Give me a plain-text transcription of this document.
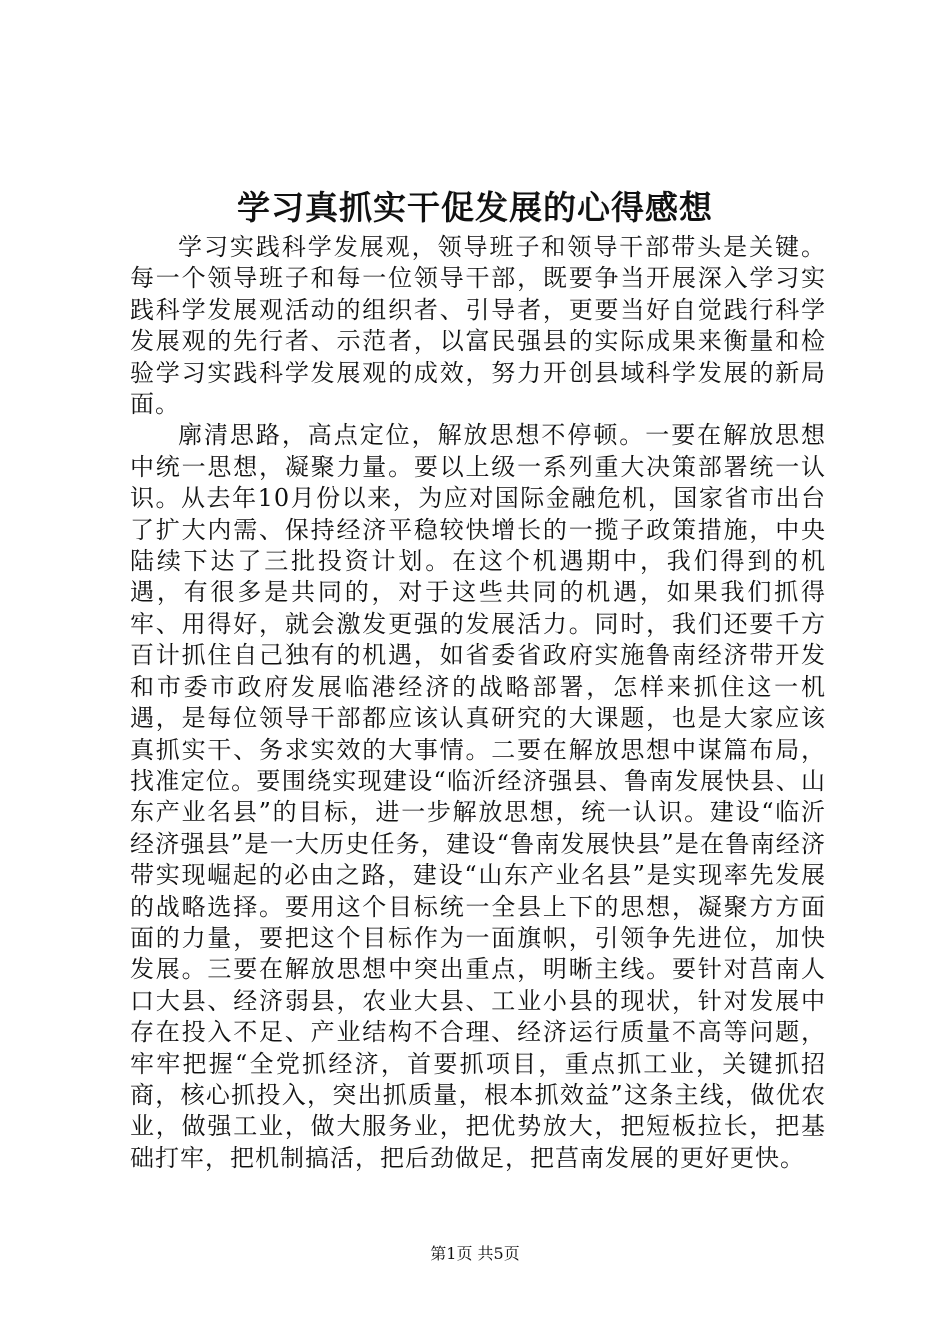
学习真抓实干促发展的心得感想

学习实践科学发展观，领导班子和领导干部带头是关键。每一个领导班子和每一位领导干部，既要争当开展深入学习实践科学发展观活动的组织者、引导者，更要当好自觉践行科学发展观的先行者、示范者，以富民强县的实际成果来衡量和检验学习实践科学发展观的成效，努力开创县域科学发展的新局面。

廓清思路，高点定位，解放思想不停顿。一要在解放思想中统一思想，凝聚力量。要以上级一系列重大决策部署统一认识。从去年10月份以来，为应对国际金融危机，国家省市出台了扩大内需、保持经济平稳较快增长的一揽子政策措施，中央陆续下达了三批投资计划。在这个机遇期中，我们得到的机遇，有很多是共同的，对于这些共同的机遇，如果我们抓得牢、用得好，就会激发更强的发展活力。同时，我们还要千方百计抓住自己独有的机遇，如省委省政府实施鲁南经济带开发和市委市政府发展临港经济的战略部署，怎样来抓住这一机遇，是每位领导干部都应该认真研究的大课题，也是大家应该真抓实干、务求实效的大事情。二要在解放思想中谋篇布局，找准定位。要围绕实现建设“临沂经济强县、鲁南发展快县、山东产业名县”的目标，进一步解放思想，统一认识。建设“临沂经济强县”是一大历史任务，建设“鲁南发展快县”是在鲁南经济带实现崛起的必由之路，建设“山东产业名县”是实现率先发展的战略选择。要用这个目标统一全县上下的思想，凝聚方方面面的力量，要把这个目标作为一面旗帜，引领争先进位，加快发展。三要在解放思想中突出重点，明晰主线。要针对莒南人口大县、经济弱县，农业大县、工业小县的现状，针对发展中存在投入不足、产业结构不合理、经济运行质量不高等问题，牢牢把握“全党抓经济，首要抓项目，重点抓工业，关键抓招商，核心抓投入，突出抓质量，根本抓效益”这条主线，做优农业，做强工业，做大服务业，把优势放大，把短板拉长，把基础打牢，把机制搞活，把后劲做足，把莒南发展的更好更快。

第1页 共5页
